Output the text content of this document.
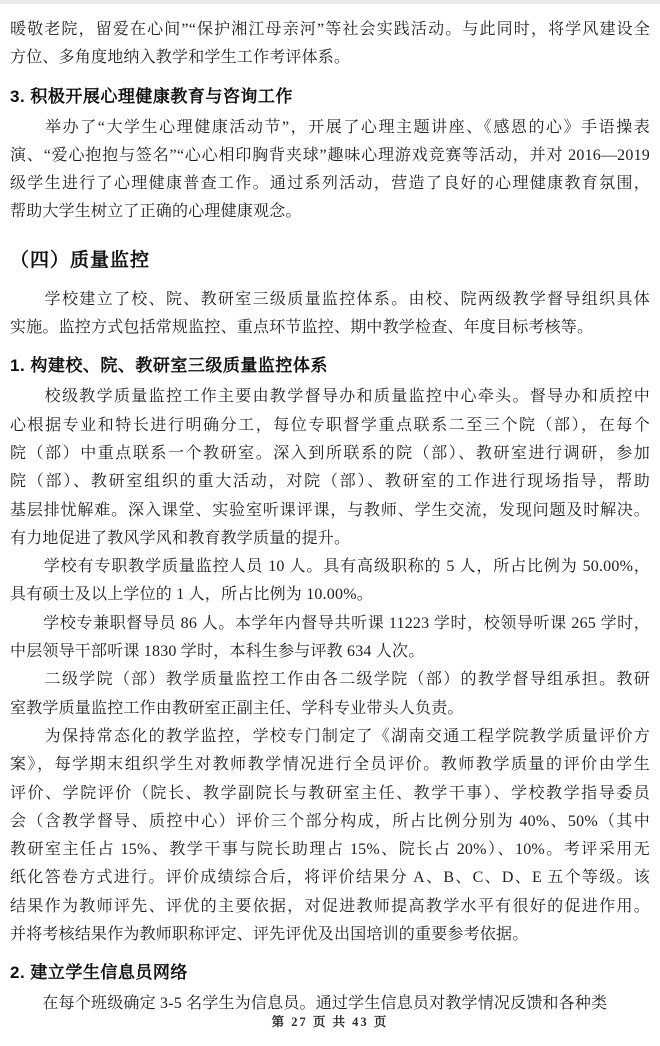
暖敬老院，留爱在心间”“保护湘江母亲河”等社会实践活动。与此同时，将学风建设全
方位、多角度地纳入教学和学生工作考评体系。
3. 积极开展心理健康教育与咨询工作
　　举办了“大学生心理健康活动节”，开展了心理主题讲座、《感恩的心》手语操表
演、“爱心抱抱与签名”“心心相印胸背夹球”趣味心理游戏竞赛等活动，并对 2016—2019
级学生进行了心理健康普查工作。通过系列活动，营造了良好的心理健康教育氛围，
帮助大学生树立了正确的心理健康观念。
（四）质量监控
　　学校建立了校、院、教研室三级质量监控体系。由校、院两级教学督导组织具体
实施。监控方式包括常规监控、重点环节监控、期中教学检查、年度目标考核等。
1. 构建校、院、教研室三级质量监控体系
　　校级教学质量监控工作主要由教学督导办和质量监控中心牵头。督导办和质控中
心根据专业和特长进行明确分工，每位专职督学重点联系二至三个院（部），在每个
院（部）中重点联系一个教研室。深入到所联系的院（部）、教研室进行调研，参加
院（部）、教研室组织的重大活动，对院（部）、教研室的工作进行现场指导，帮助
基层排忧解难。深入课堂、实验室听课评课，与教师、学生交流，发现问题及时解决。
有力地促进了教风学风和教育教学质量的提升。
　　学校有专职教学质量监控人员 10 人。具有高级职称的 5 人，所占比例为 50.00%，
具有硕士及以上学位的 1 人，所占比例为 10.00%。
　　学校专兼职督导员 86 人。本学年内督导共听课 11223 学时，校领导听课 265 学时，
中层领导干部听课 1830 学时，本科生参与评教 634 人次。
　　二级学院（部）教学质量监控工作由各二级学院（部）的教学督导组承担。教研
室教学质量监控工作由教研室正副主任、学科专业带头人负责。
　　为保持常态化的教学监控，学校专门制定了《湖南交通工程学院教学质量评价方
案》，每学期末组织学生对教师教学情况进行全员评价。教师教学质量的评价由学生
评价、学院评价（院长、教学副院长与教研室主任、教学干事）、学校教学指导委员
会（含教学督导、质控中心）评价三个部分构成，所占比例分别为 40%、50%（其中
教研室主任占 15%、教学干事与院长助理占 15%、院长占 20%）、10%。考评采用无
纸化答卷方式进行。评价成绩综合后，将评价结果分 A、B、C、D、E 五个等级。该
结果作为教师评先、评优的主要依据，对促进教师提高教学水平有很好的促进作用。
并将考核结果作为教师职称评定、评先评优及出国培训的重要参考依据。
2. 建立学生信息员网络
　　在每个班级确定 3-5 名学生为信息员。通过学生信息员对教学情况反馈和各种类
第 27 页 共 43 页
